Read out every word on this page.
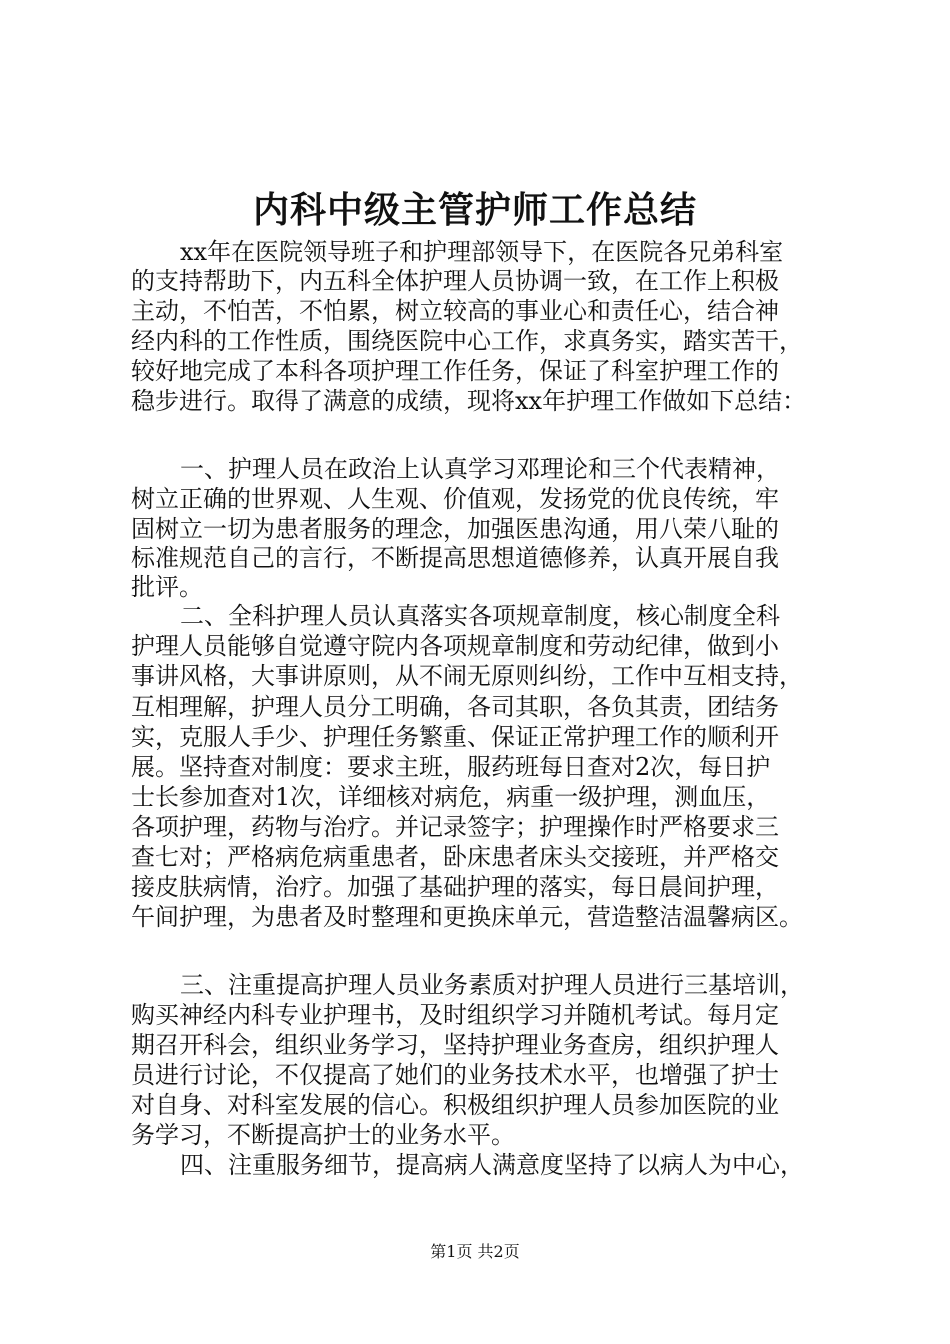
内科中级主管护师工作总结
xx年在医院领导班子和护理部领导下，在医院各兄弟科室
的支持帮助下，内五科全体护理人员协调一致，在工作上积极
主动，不怕苦，不怕累，树立较高的事业心和责任心，结合神
经内科的工作性质，围绕医院中心工作，求真务实，踏实苦干，
较好地完成了本科各项护理工作任务，保证了科室护理工作的
稳步进行。取得了满意的成绩，现将xx年护理工作做如下总结：
一、护理人员在政治上认真学习邓理论和三个代表精神，
树立正确的世界观、人生观、价值观，发扬党的优良传统，牢
固树立一切为患者服务的理念，加强医患沟通，用八荣八耻的
标准规范自己的言行，不断提高思想道德修养，认真开展自我
批评。
二、全科护理人员认真落实各项规章制度，核心制度全科
护理人员能够自觉遵守院内各项规章制度和劳动纪律，做到小
事讲风格，大事讲原则，从不闹无原则纠纷，工作中互相支持，
互相理解，护理人员分工明确，各司其职，各负其责，团结务
实，克服人手少、护理任务繁重、保证正常护理工作的顺利开
展。坚持查对制度：要求主班，服药班每日查对2次，每日护
士长参加查对1次，详细核对病危，病重一级护理，测血压，
各项护理，药物与治疗。并记录签字；护理操作时严格要求三
查七对；严格病危病重患者，卧床患者床头交接班，并严格交
接皮肤病情，治疗。加强了基础护理的落实，每日晨间护理，
午间护理，为患者及时整理和更换床单元，营造整洁温馨病区。
三、注重提高护理人员业务素质对护理人员进行三基培训，
购买神经内科专业护理书，及时组织学习并随机考试。每月定
期召开科会，组织业务学习，坚持护理业务查房，组织护理人
员进行讨论，不仅提高了她们的业务技术水平，也增强了护士
对自身、对科室发展的信心。积极组织护理人员参加医院的业
务学习，不断提高护士的业务水平。
四、注重服务细节，提高病人满意度坚持了以病人为中心，
第1页 共2页
